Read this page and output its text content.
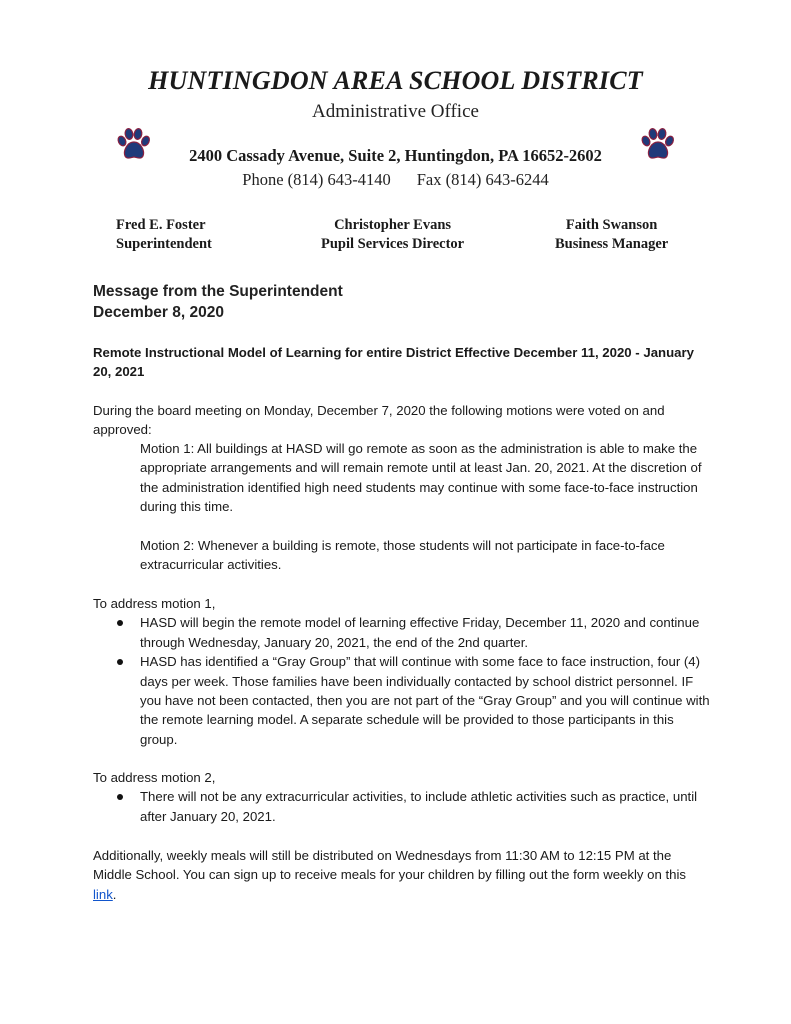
HUNTINGDON AREA SCHOOL DISTRICT
Administrative Office
2400 Cassady Avenue, Suite 2, Huntingdon, PA 16652-2602
Phone (814) 643-4140 Fax (814) 643-6244
Fred E. Foster
Superintendent
Christopher Evans
Pupil Services Director
Faith Swanson
Business Manager
Message from the Superintendent
December 8, 2020
Remote Instructional Model of Learning for entire District Effective December 11, 2020 - January 20, 2021
During the board meeting on Monday, December 7, 2020 the following motions were voted on and approved:

Motion 1: All buildings at HASD will go remote as soon as the administration is able to make the appropriate arrangements and will remain remote until at least Jan. 20, 2021. At the discretion of the administration identified high need students may continue with some face-to-face instruction during this time.

Motion 2: Whenever a building is remote, those students will not participate in face-to-face extracurricular activities.

To address motion 1,
HASD will begin the remote model of learning effective Friday, December 11, 2020 and continue through Wednesday, January 20, 2021, the end of the 2nd quarter.
HASD has identified a “Gray Group” that will continue with some face to face instruction, four (4) days per week. Those families have been individually contacted by school district personnel. IF you have not been contacted, then you are not part of the “Gray Group” and you will continue with the remote learning model. A separate schedule will be provided to those participants in this group.
To address motion 2,
There will not be any extracurricular activities, to include athletic activities such as practice, until after January 20, 2021.
Additionally, weekly meals will still be distributed on Wednesdays from 11:30 AM to 12:15 PM at the Middle School. You can sign up to receive meals for your children by filling out the form weekly on this link.
